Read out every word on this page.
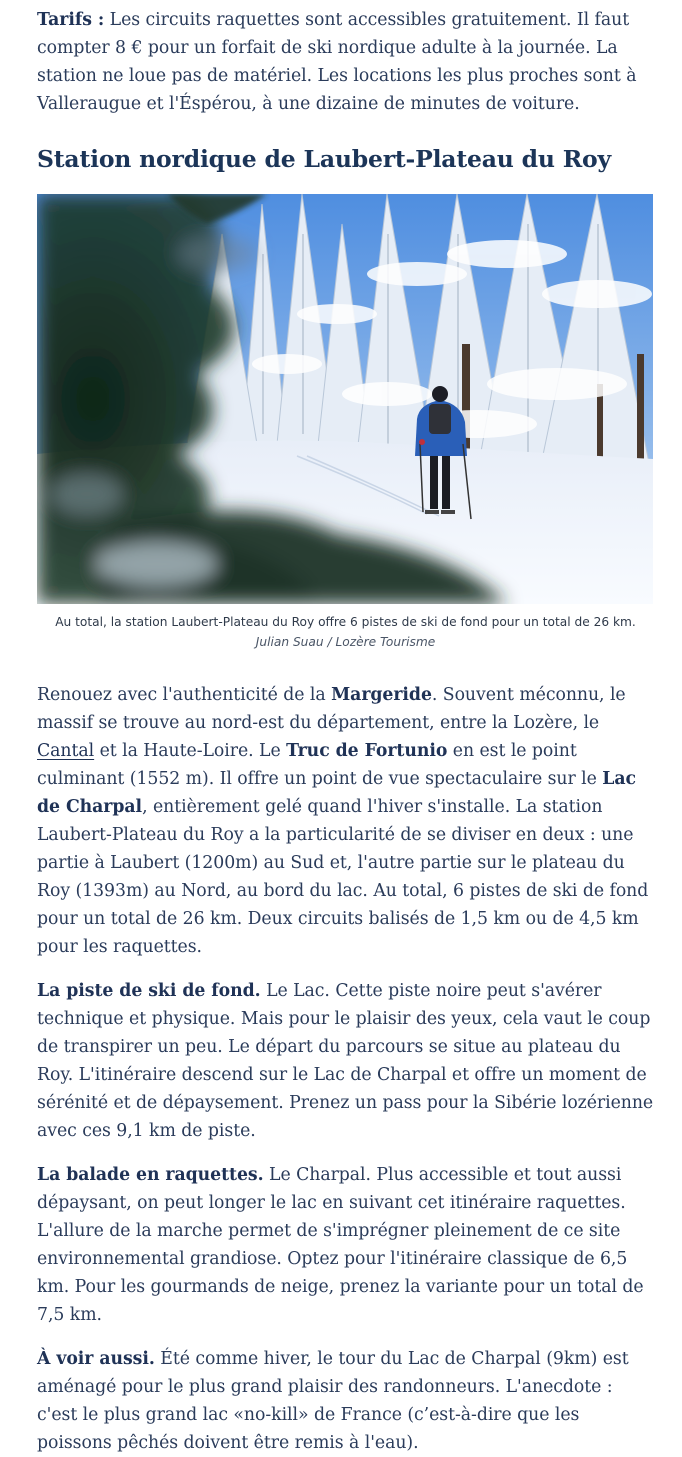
Tarifs : Les circuits raquettes sont accessibles gratuitement. Il faut compter 8 € pour un forfait de ski nordique adulte à la journée. La station ne loue pas de matériel. Les locations les plus proches sont à Valleraugue et l'Éspérou, à une dizaine de minutes de voiture.

Station nordique de Laubert-Plateau du Roy

Au total, la station Laubert-Plateau du Roy offre 6 pistes de ski de fond pour un total de 26 km. Julian Suau / Lozère Tourisme

Renouez avec l'authenticité de la Margeride. Souvent méconnu, le massif se trouve au nord-est du département, entre la Lozère, le Cantal et la Haute-Loire. Le Truc de Fortunio en est le point culminant (1552 m). Il offre un point de vue spectaculaire sur le Lac de Charpal, entièrement gelé quand l'hiver s'installe. La station Laubert-Plateau du Roy a la particularité de se diviser en deux : une partie à Laubert (1200m) au Sud et, l'autre partie sur le plateau du Roy (1393m) au Nord, au bord du lac. Au total, 6 pistes de ski de fond pour un total de 26 km. Deux circuits balisés de 1,5 km ou de 4,5 km pour les raquettes.

La piste de ski de fond. Le Lac. Cette piste noire peut s'avérer technique et physique. Mais pour le plaisir des yeux, cela vaut le coup de transpirer un peu. Le départ du parcours se situe au plateau du Roy. L'itinéraire descend sur le Lac de Charpal et offre un moment de sérénité et de dépaysement. Prenez un pass pour la Sibérie lozérienne avec ces 9,1 km de piste.

La balade en raquettes. Le Charpal. Plus accessible et tout aussi dépaysant, on peut longer le lac en suivant cet itinéraire raquettes. L'allure de la marche permet de s'imprégner pleinement de ce site environnemental grandiose. Optez pour l'itinéraire classique de 6,5 km. Pour les gourmands de neige, prenez la variante pour un total de 7,5 km.

À voir aussi. Été comme hiver, le tour du Lac de Charpal (9km) est aménagé pour le plus grand plaisir des randonneurs. L'anecdote : c'est le plus grand lac «no-kill» de France (c’est-à-dire que les poissons pêchés doivent être remis à l'eau).
